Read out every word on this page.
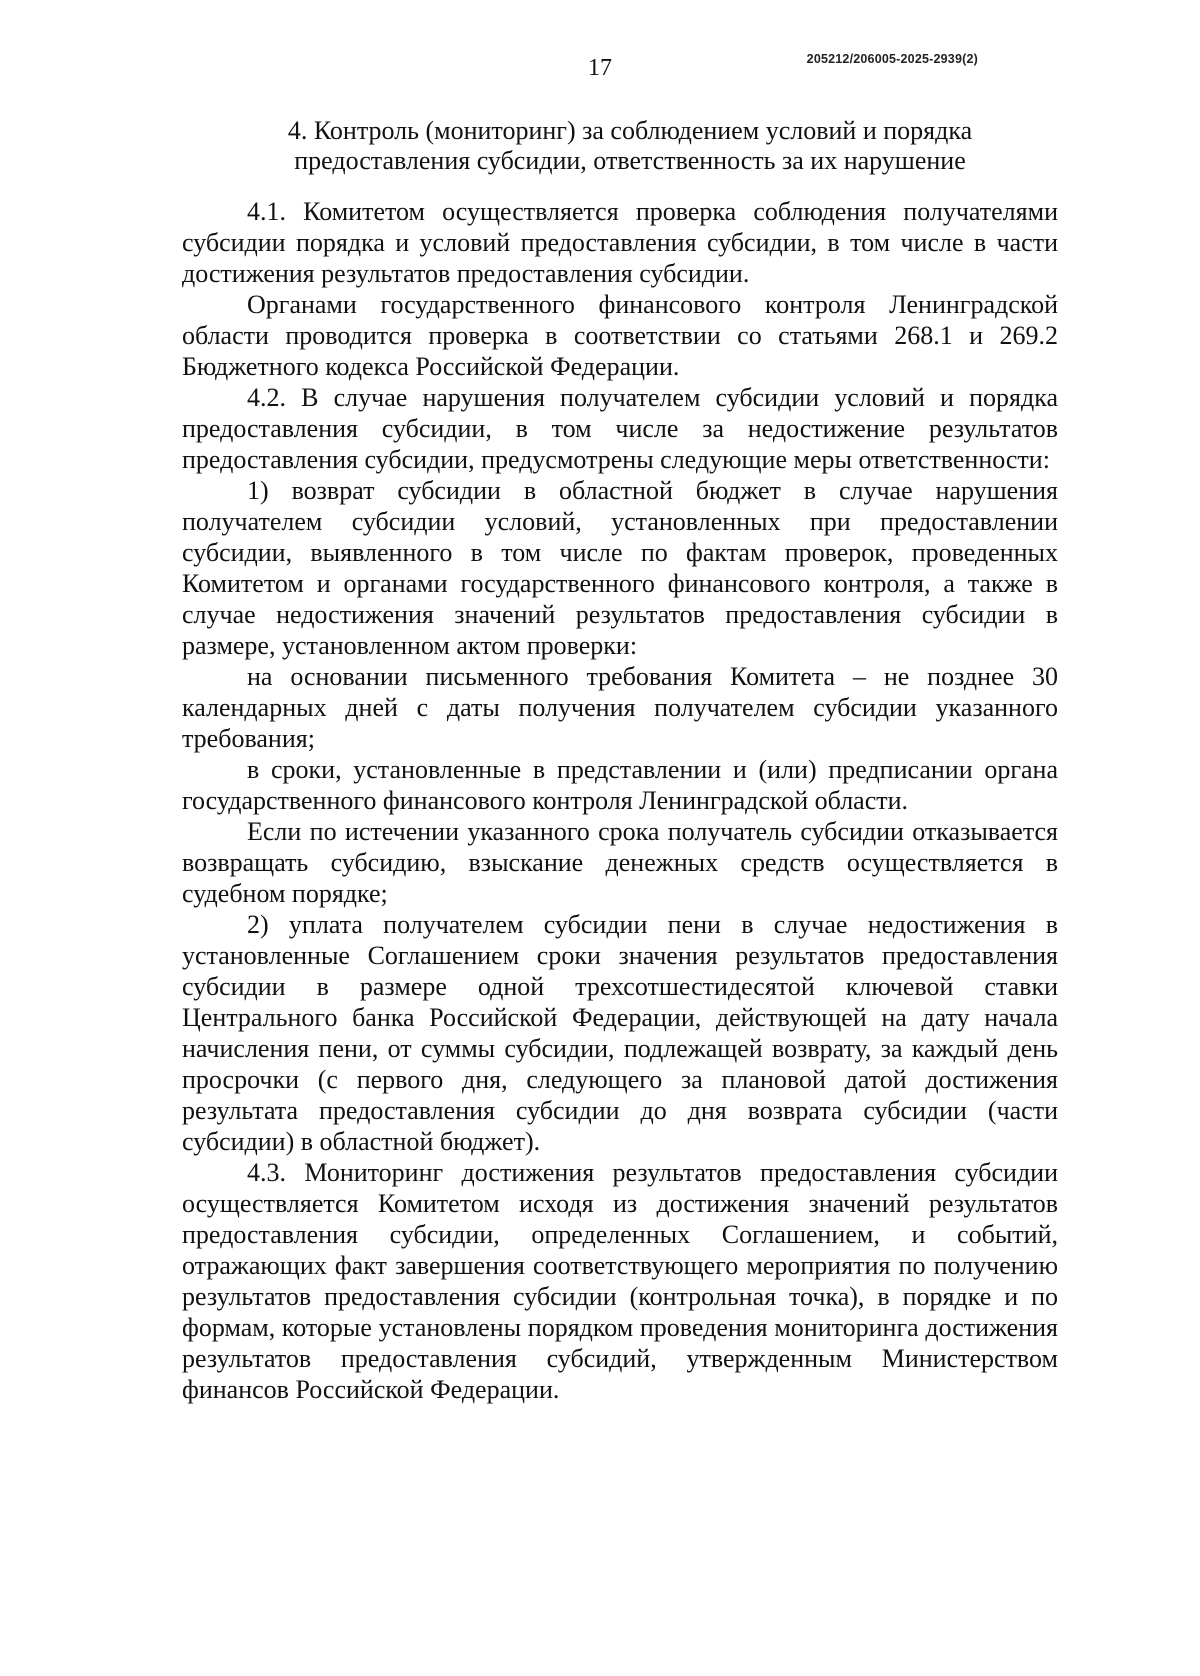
17	205212/206005-2025-2939(2)
4. Контроль (мониторинг) за соблюдением условий и порядка
предоставления субсидии, ответственность за их нарушение

4.1. Комитетом осуществляется проверка соблюдения получателями субсидии порядка и условий предоставления субсидии, в том числе в части достижения результатов предоставления субсидии.

Органами государственного финансового контроля Ленинградской области проводится проверка в соответствии со статьями 268.1 и 269.2 Бюджетного кодекса Российской Федерации.

4.2. В случае нарушения получателем субсидии условий и порядка предоставления субсидии, в том числе за недостижение результатов предоставления субсидии, предусмотрены следующие меры ответственности:

1) возврат субсидии в областной бюджет в случае нарушения получателем субсидии условий, установленных при предоставлении субсидии, выявленного в том числе по фактам проверок, проведенных Комитетом и органами государственного финансового контроля, а также в случае недостижения значений результатов предоставления субсидии в размере, установленном актом проверки:

на основании письменного требования Комитета – не позднее 30 календарных дней с даты получения получателем субсидии указанного требования;

в сроки, установленные в представлении и (или) предписании органа государственного финансового контроля Ленинградской области.

Если по истечении указанного срока получатель субсидии отказывается возвращать субсидию, взыскание денежных средств осуществляется в судебном порядке;

2) уплата получателем субсидии пени в случае недостижения в установленные Соглашением сроки значения результатов предоставления субсидии в размере одной трехсотшестидесятой ключевой ставки Центрального банка Российской Федерации, действующей на дату начала начисления пени, от суммы субсидии, подлежащей возврату, за каждый день просрочки (с первого дня, следующего за плановой датой достижения результата предоставления субсидии до дня возврата субсидии (части субсидии) в областной бюджет).

4.3. Мониторинг достижения результатов предоставления субсидии осуществляется Комитетом исходя из достижения значений результатов предоставления субсидии, определенных Соглашением, и событий, отражающих факт завершения соответствующего мероприятия по получению результатов предоставления субсидии (контрольная точка), в порядке и по формам, которые установлены порядком проведения мониторинга достижения результатов предоставления субсидий, утвержденным Министерством финансов Российской Федерации.
